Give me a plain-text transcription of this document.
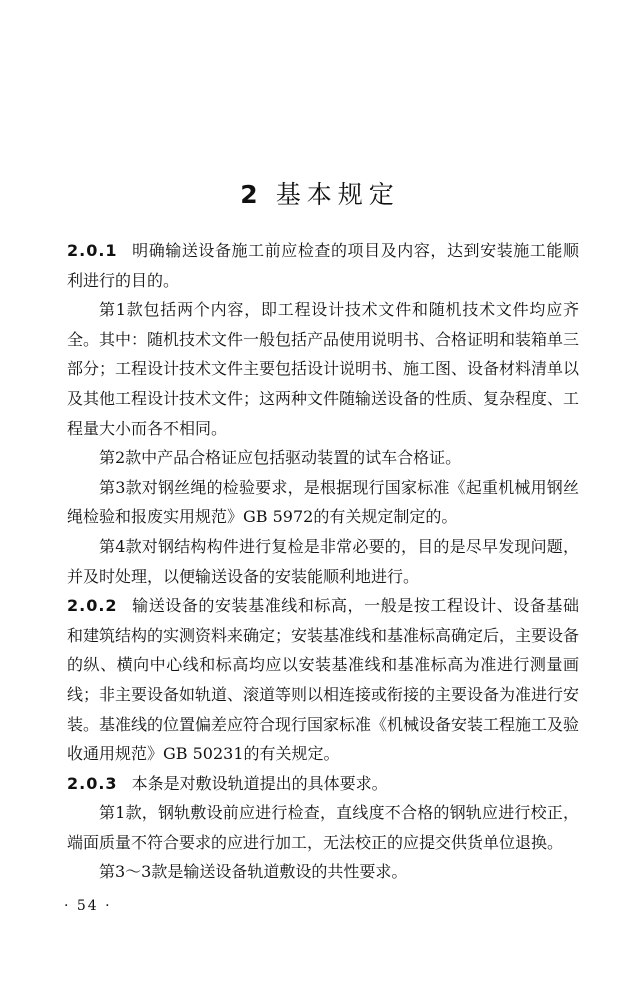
2 基本规定

2.0.1 明确输送设备施工前应检查的项目及内容，达到安装施工能顺利进行的目的。

第1款包括两个内容，即工程设计技术文件和随机技术文件均应齐全。其中：随机技术文件一般包括产品使用说明书、合格证明和装箱单三部分；工程设计技术文件主要包括设计说明书、施工图、设备材料清单以及其他工程设计技术文件；这两种文件随输送设备的性质、复杂程度、工程量大小而各不相同。

第2款中产品合格证应包括驱动装置的试车合格证。

第3款对钢丝绳的检验要求，是根据现行国家标准《起重机械用钢丝绳检验和报废实用规范》GB 5972的有关规定制定的。

第4款对钢结构构件进行复检是非常必要的，目的是尽早发现问题，并及时处理，以便输送设备的安装能顺利地进行。

2.0.2 输送设备的安装基准线和标高，一般是按工程设计、设备基础和建筑结构的实测资料来确定；安装基准线和基准标高确定后，主要设备的纵、横向中心线和标高均应以安装基准线和基准标高为准进行测量画线；非主要设备如轨道、滚道等则以相连接或衔接的主要设备为准进行安装。基准线的位置偏差应符合现行国家标准《机械设备安装工程施工及验收通用规范》GB 50231的有关规定。

2.0.3 本条是对敷设轨道提出的具体要求。

第1款，钢轨敷设前应进行检查，直线度不合格的钢轨应进行校正，端面质量不符合要求的应进行加工，无法校正的应提交供货单位退换。

第3～3款是输送设备轨道敷设的共性要求。

· 54 ·
